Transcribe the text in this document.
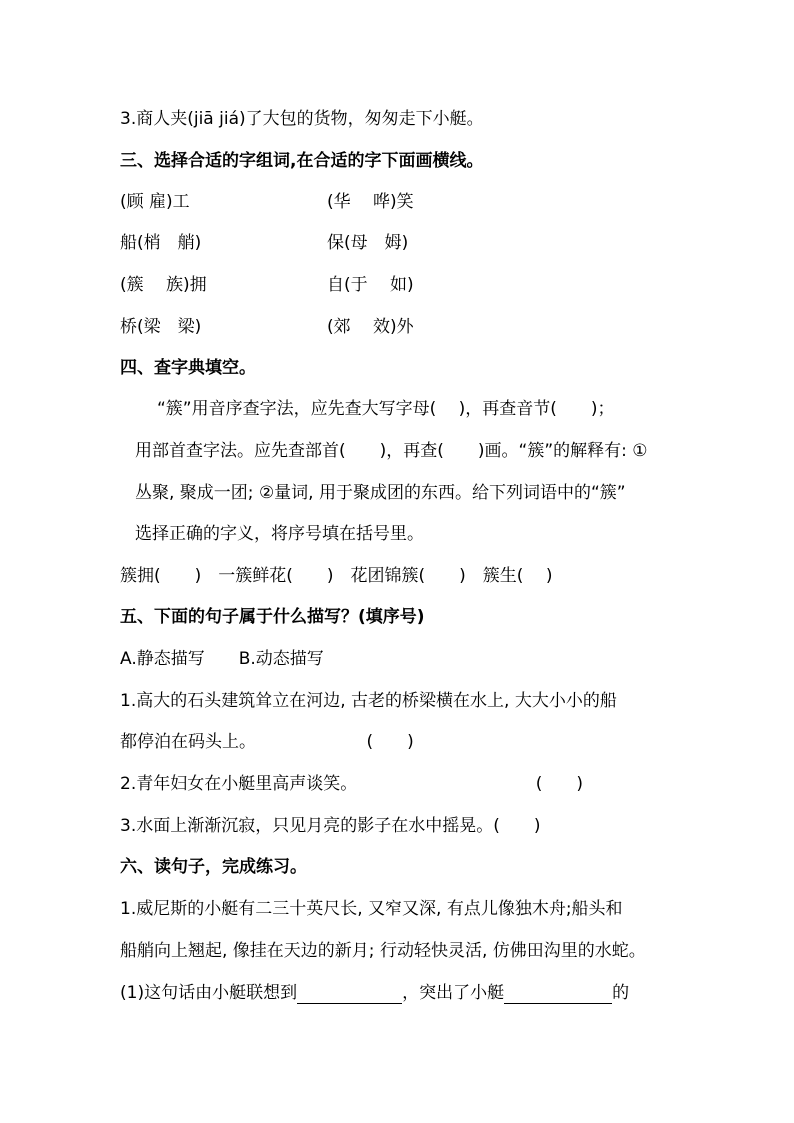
3.商人夹(jiā jiá)了大包的货物，匆匆走下小艇。
三、选择合适的字组词,在合适的字下面画横线。
(顾 雇)工	(华　 哗)笑
船(梢　艄)	保(母　姆)
(簇　 族)拥	自(于　 如)
桥(梁　梁)	(郊　 效)外
四、查字典填空。
“簇”用音序查字法，应先查大写字母(　 )，再查音节(　　)；
用部首查字法。应先查部首(　　)，再查(　　)画。“簇”的解释有: ①
丛聚, 聚成一团; ②量词, 用于聚成团的东西。给下列词语中的“簇”
选择正确的字义，将序号填在括号里。
簇拥(　　)　一簇鲜花(　　)　花团锦簇(　　)　簇生(　 )
五、下面的句子属于什么描写？(填序号)
A.静态描写　　B.动态描写
1.高大的石头建筑耸立在河边, 古老的桥梁横在水上, 大大小小的船
都停泊在码头上。　　　　　　　(　　)
2.青年妇女在小艇里高声谈笑。　　　　　　　　　　　(　　)
3.水面上渐渐沉寂，只见月亮的影子在水中摇晃。(　　)
六、读句子，完成练习。
1.威尼斯的小艇有二三十英尺长, 又窄又深, 有点儿像独木舟;船头和
船艄向上翘起, 像挂在天边的新月; 行动轻快灵活, 仿佛田沟里的水蛇。
(1)这句话由小艇联想到	，突出了小艇	的
